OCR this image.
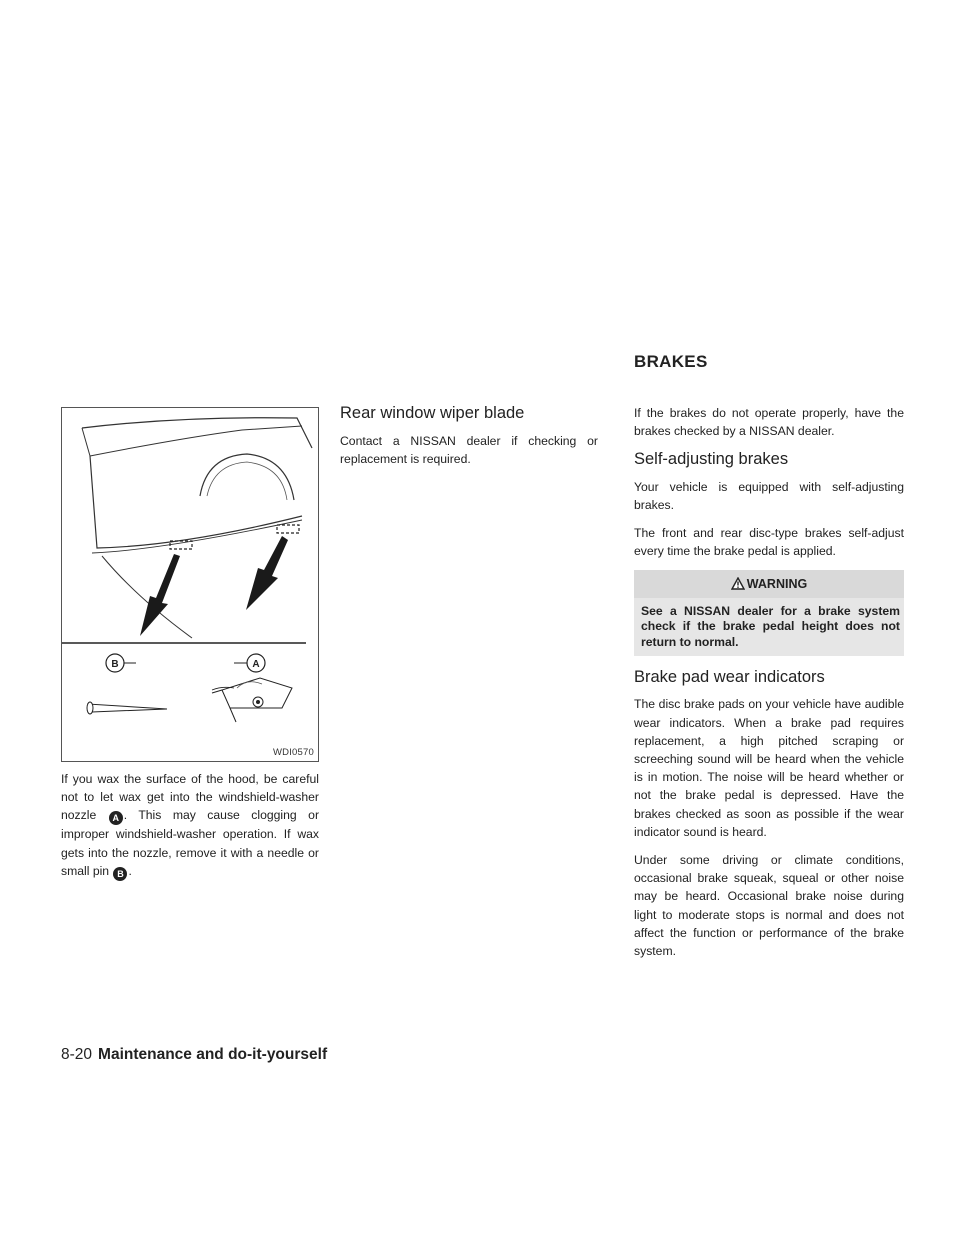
BRAKES
B	A
WDI0570
If you wax the surface of the hood, be careful not to let wax get into the windshield-washer nozzle A . This may cause clogging or improper windshield-washer operation. If wax gets into the nozzle, remove it with a needle or small pin B .
Rear window wiper blade

Contact a NISSAN dealer if checking or replacement is required.

If the brakes do not operate properly, have the brakes checked by a NISSAN dealer.

Self-adjusting brakes

Your vehicle is equipped with self-adjusting brakes.

The front and rear disc-type brakes self-adjust every time the brake pedal is applied.

WARNING
See a NISSAN dealer for a brake system check if the brake pedal height does not return to normal.
Brake pad wear indicators

The disc brake pads on your vehicle have audible wear indicators. When a brake pad requires replacement, a high pitched scraping or screeching sound will be heard when the vehicle is in motion. The noise will be heard whether or not the brake pedal is depressed. Have the brakes checked as soon as possible if the wear indicator sound is heard.

Under some driving or climate conditions, occasional brake squeak, squeal or other noise may be heard. Occasional brake noise during light to moderate stops is normal and does not affect the function or performance of the brake system.

8-20 Maintenance and do-it-yourself
